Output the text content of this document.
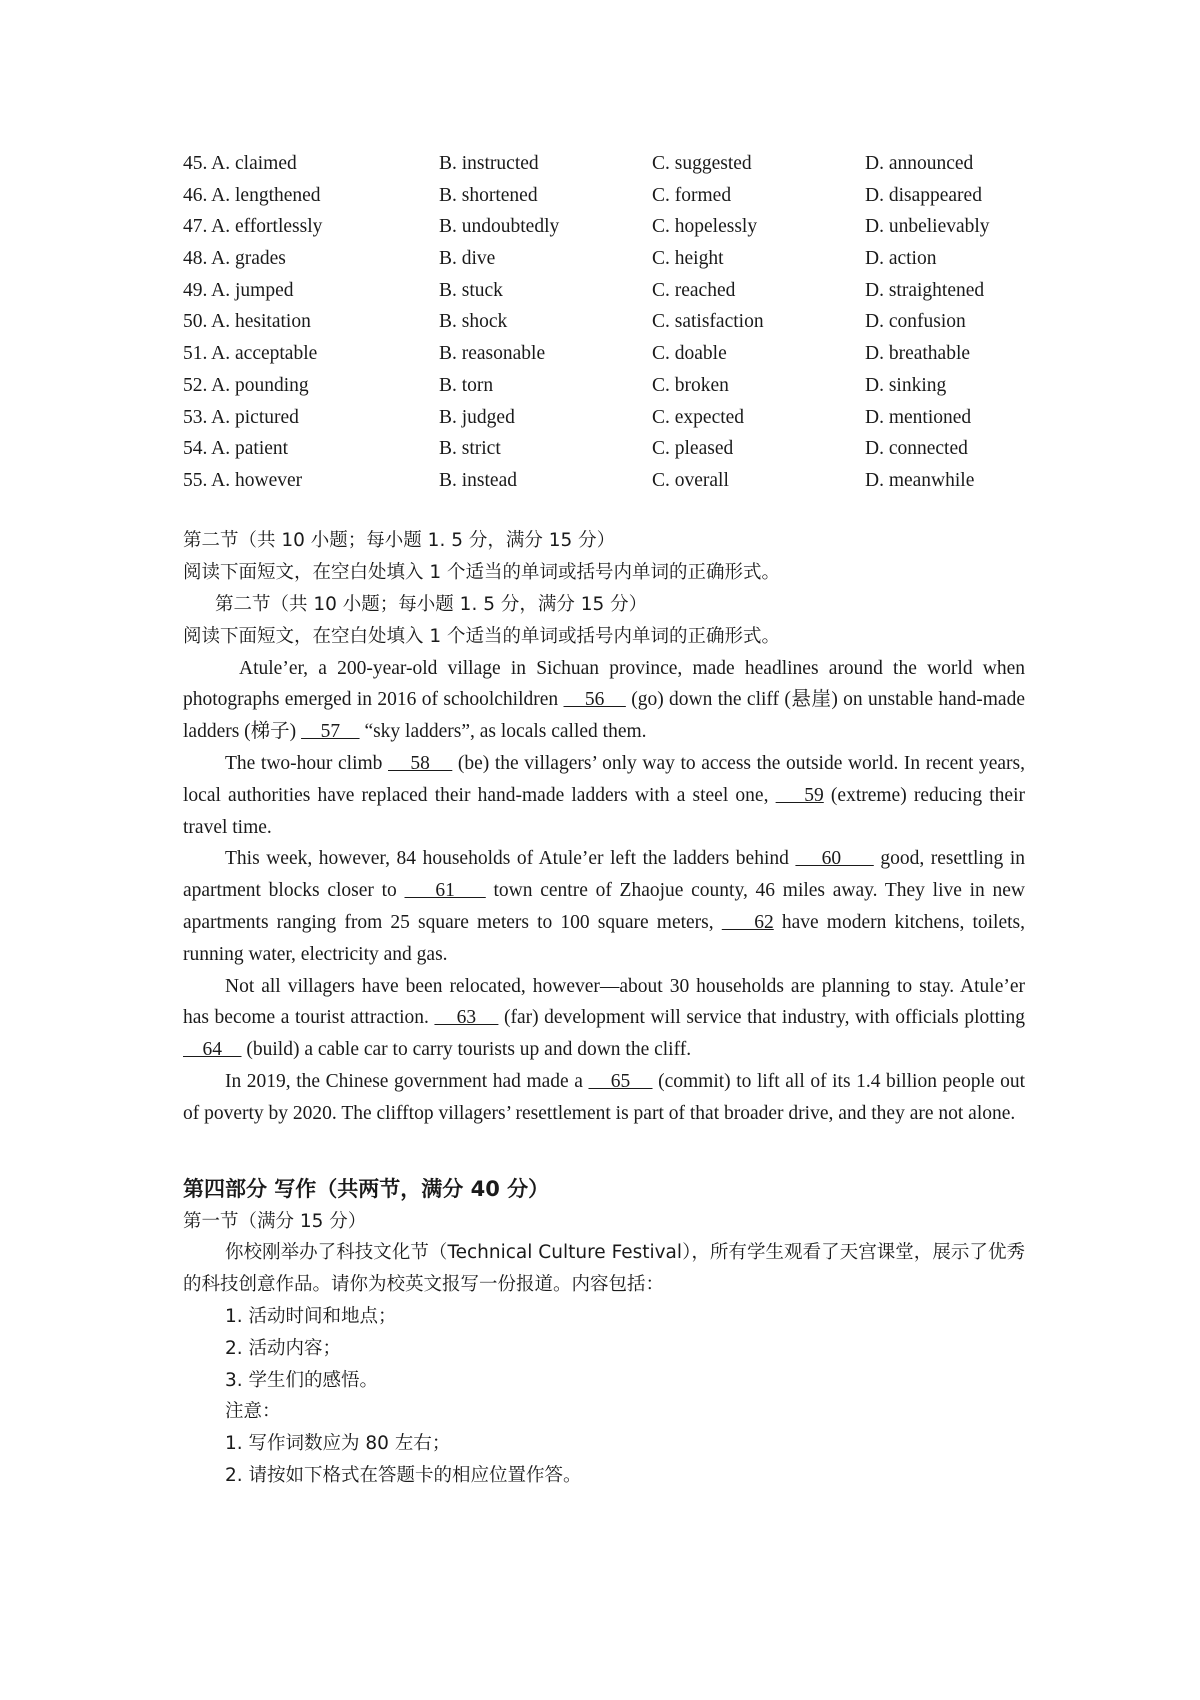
45. A. claimed	B. instructed	C. suggested	D. announced
46. A. lengthened	B. shortened	C. formed	D. disappeared
47. A. effortlessly	B. undoubtedly	C. hopelessly	D. unbelievably
48. A. grades	B. dive	C. height	D. action
49. A. jumped	B. stuck	C. reached	D. straightened
50. A. hesitation	B. shock	C. satisfaction	D. confusion
51. A. acceptable	B. reasonable	C. doable	D. breathable
52. A. pounding	B. torn	C. broken	D. sinking
53. A. pictured	B. judged	C. expected	D. mentioned
54. A. patient	B. strict	C. pleased	D. connected
55. A. however	B. instead	C. overall	D. meanwhile
第二节（共 10 小题；每小题 1. 5 分，满分 15 分）
阅读下面短文，在空白处填入 1 个适当的单词或括号内单词的正确形式。
第二节（共 10 小题；每小题 1. 5 分，满分 15 分）
阅读下面短文，在空白处填入 1 个适当的单词或括号内单词的正确形式。

Atule’er, a 200-year-old village in Sichuan province, made headlines around the world when photographs emerged in 2016 of schoolchildren     56     (go) down the cliff (悬崖) on unstable hand-made ladders (梯子)     57     “sky ladders”, as locals called them.

The two-hour climb     58     (be) the villagers’ only way to access the outside world. In recent years, local authorities have replaced their hand-made ladders with a steel one,     59 (extreme) reducing their travel time.

This week, however, 84 households of Atule’er left the ladders behind     60      good, resettling in apartment blocks closer to     61     town centre of Zhaojue county, 46 miles away. They live in new apartments ranging from 25 square meters to 100 square meters,     62 have modern kitchens, toilets, running water, electricity and gas.

Not all villagers have been relocated, however—about 30 households are planning to stay. Atule’er has become a tourist attraction.     63     (far) development will service that industry, with officials plotting     64     (build) a cable car to carry tourists up and down the cliff.

In 2019, the Chinese government had made a     65     (commit) to lift all of its 1.4 billion people out of poverty by 2020. The clifftop villagers’ resettlement is part of that broader drive, and they are not alone.

第四部分 写作（共两节，满分 40 分）

第一节（满分 15 分）

你校刚举办了科技文化节（Technical Culture Festival），所有学生观看了天宫课堂，展示了优秀的科技创意作品。请你为校英文报写一份报道。内容包括：

1. 活动时间和地点；

2. 活动内容；

3. 学生们的感悟。

注意：

1. 写作词数应为 80 左右；

2. 请按如下格式在答题卡的相应位置作答。
